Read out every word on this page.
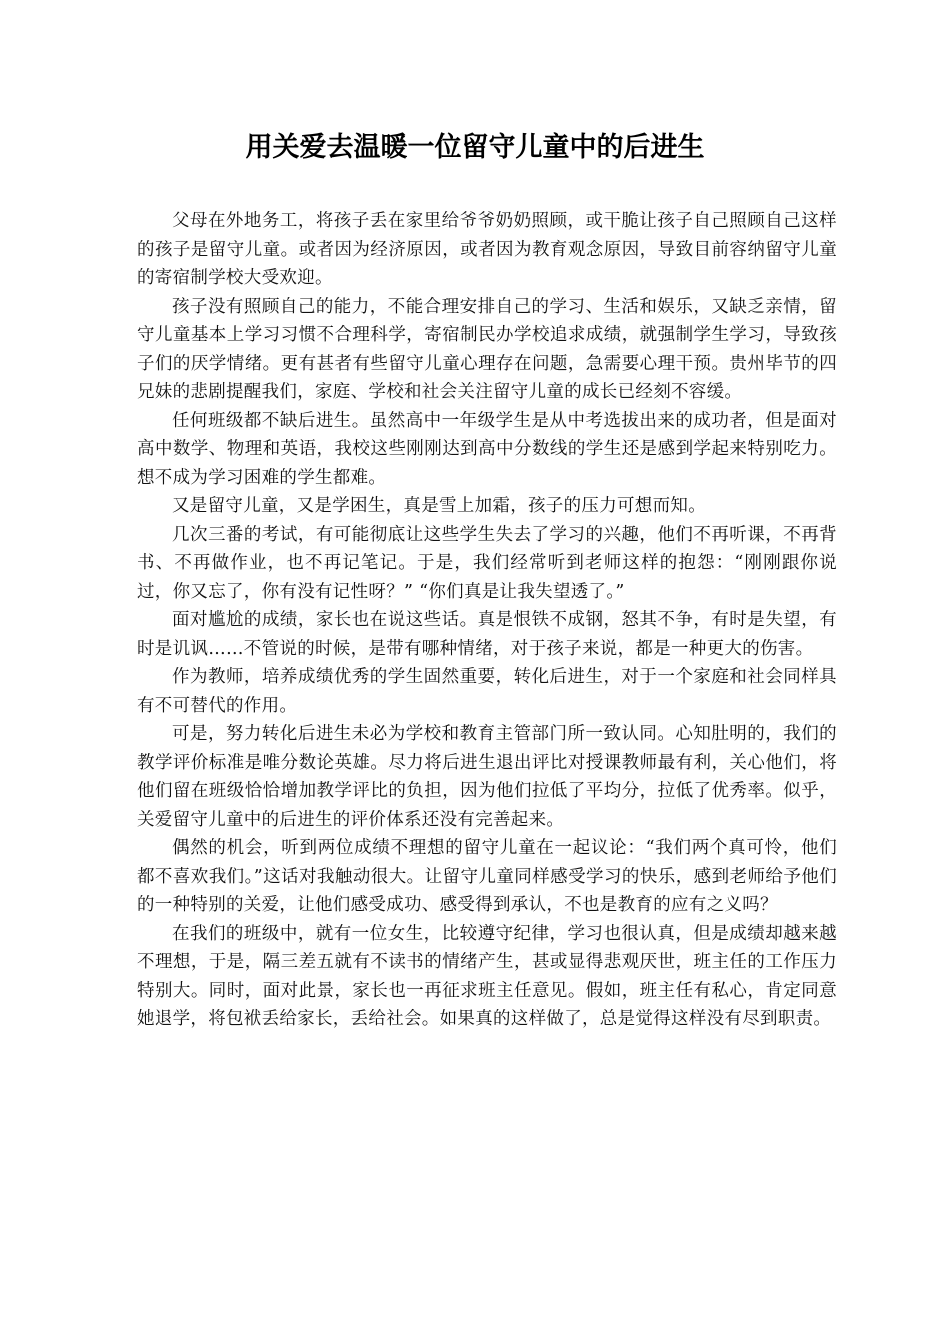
用关爱去温暖一位留守儿童中的后进生

父母在外地务工，将孩子丢在家里给爷爷奶奶照顾，或干脆让孩子自己照顾自己这样的孩子是留守儿童。或者因为经济原因，或者因为教育观念原因，导致目前容纳留守儿童的寄宿制学校大受欢迎。

孩子没有照顾自己的能力，不能合理安排自己的学习、生活和娱乐，又缺乏亲情，留守儿童基本上学习习惯不合理科学，寄宿制民办学校追求成绩，就强制学生学习，导致孩子们的厌学情绪。更有甚者有些留守儿童心理存在问题，急需要心理干预。贵州毕节的四兄妹的悲剧提醒我们，家庭、学校和社会关注留守儿童的成长已经刻不容缓。

任何班级都不缺后进生。虽然高中一年级学生是从中考选拔出来的成功者，但是面对高中数学、物理和英语，我校这些刚刚达到高中分数线的学生还是感到学起来特别吃力。想不成为学习困难的学生都难。

又是留守儿童，又是学困生，真是雪上加霜，孩子的压力可想而知。

几次三番的考试，有可能彻底让这些学生失去了学习的兴趣，他们不再听课，不再背书、不再做作业，也不再记笔记。于是，我们经常听到老师这样的抱怨：“刚刚跟你说过，你又忘了，你有没有记性呀？” “你们真是让我失望透了。”

面对尴尬的成绩，家长也在说这些话。真是恨铁不成钢，怒其不争，有时是失望，有时是讥讽……不管说的时候，是带有哪种情绪，对于孩子来说，都是一种更大的伤害。

作为教师，培养成绩优秀的学生固然重要，转化后进生，对于一个家庭和社会同样具有不可替代的作用。

可是，努力转化后进生未必为学校和教育主管部门所一致认同。心知肚明的，我们的教学评价标准是唯分数论英雄。尽力将后进生退出评比对授课教师最有利，关心他们，将他们留在班级恰恰增加教学评比的负担，因为他们拉低了平均分，拉低了优秀率。似乎，关爱留守儿童中的后进生的评价体系还没有完善起来。

偶然的机会，听到两位成绩不理想的留守儿童在一起议论：“我们两个真可怜，他们都不喜欢我们。”这话对我触动很大。让留守儿童同样感受学习的快乐，感到老师给予他们的一种特别的关爱，让他们感受成功、感受得到承认，不也是教育的应有之义吗？

在我们的班级中，就有一位女生，比较遵守纪律，学习也很认真，但是成绩却越来越不理想，于是，隔三差五就有不读书的情绪产生，甚或显得悲观厌世，班主任的工作压力特别大。同时，面对此景，家长也一再征求班主任意见。假如，班主任有私心，肯定同意她退学，将包袱丢给家长，丢给社会。如果真的这样做了，总是觉得这样没有尽到职责。
